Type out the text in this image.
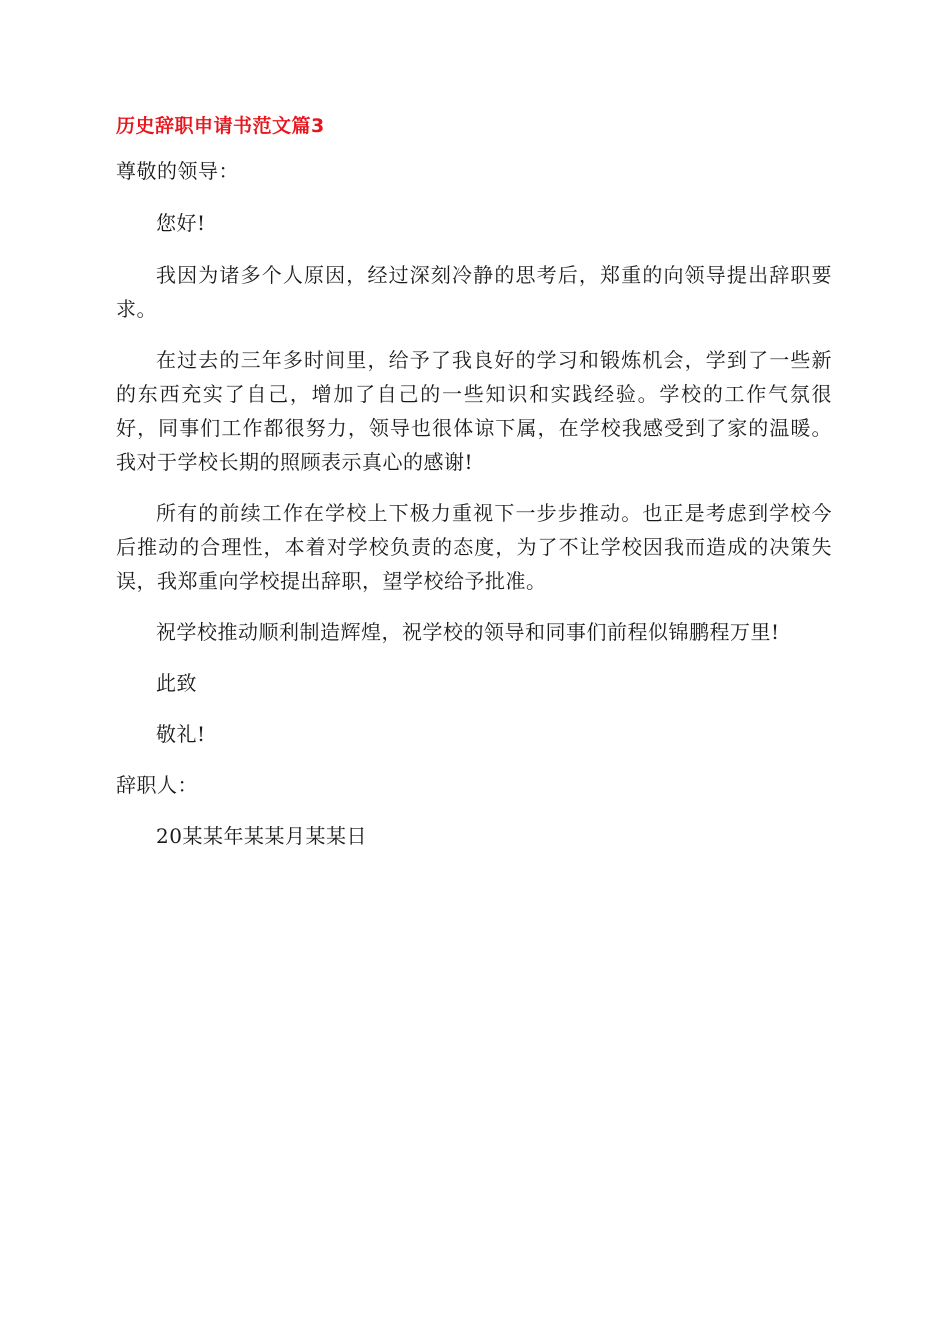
历史辞职申请书范文篇3

尊敬的领导：

您好!

我因为诸多个人原因，经过深刻冷静的思考后，郑重的向领导提出辞职要求。

在过去的三年多时间里，给予了我良好的学习和锻炼机会，学到了一些新的东西充实了自己，增加了自己的一些知识和实践经验。学校的工作气氛很好，同事们工作都很努力，领导也很体谅下属，在学校我感受到了家的温暖。我对于学校长期的照顾表示真心的感谢!

所有的前续工作在学校上下极力重视下一步步推动。也正是考虑到学校今后推动的合理性，本着对学校负责的态度，为了不让学校因我而造成的决策失误，我郑重向学校提出辞职，望学校给予批准。

祝学校推动顺利制造辉煌，祝学校的领导和同事们前程似锦鹏程万里!

此致

敬礼!

辞职人：

20某某年某某月某某日
